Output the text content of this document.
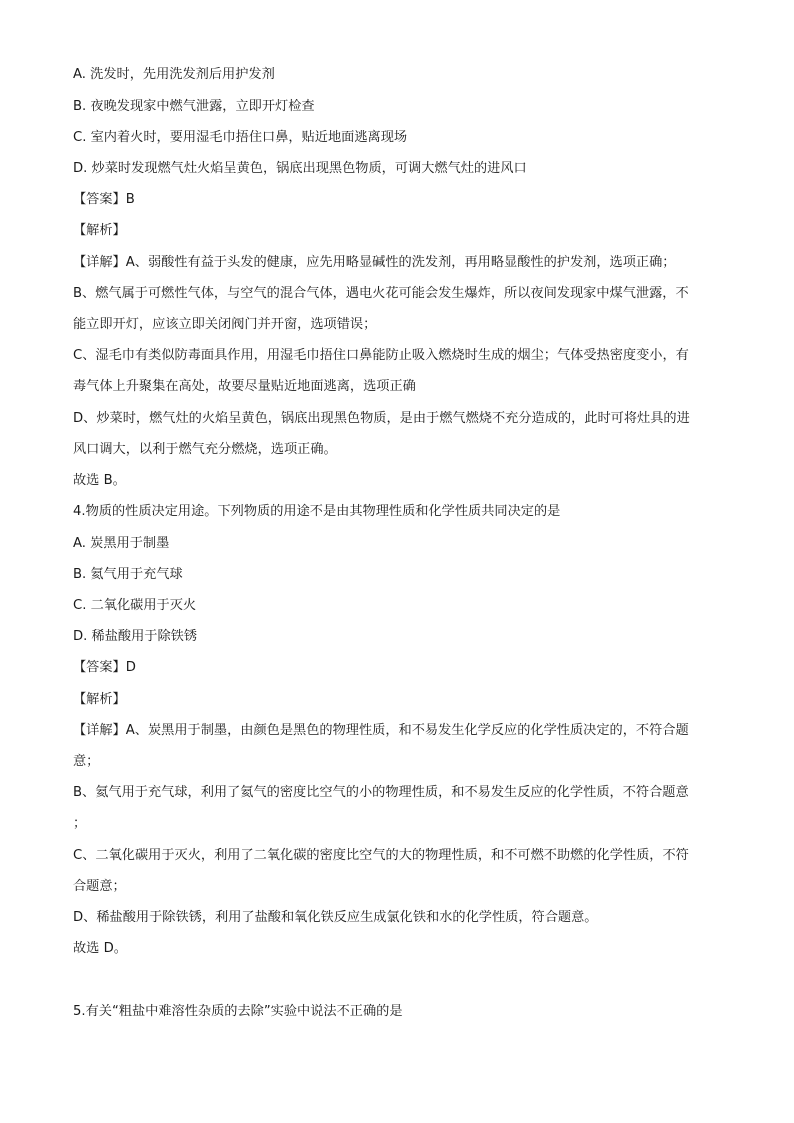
A. 洗发时，先用洗发剂后用护发剂
B. 夜晚发现家中燃气泄露，立即开灯检查
C. 室内着火时，要用湿毛巾捂住口鼻，贴近地面逃离现场
D. 炒菜时发现燃气灶火焰呈黄色，锅底出现黑色物质，可调大燃气灶的进风口
【答案】B
【解析】
【详解】A、弱酸性有益于头发的健康，应先用略显碱性的洗发剂，再用略显酸性的护发剂，选项正确；
B、燃气属于可燃性气体，与空气的混合气体，遇电火花可能会发生爆炸，所以夜间发现家中煤气泄露，不
能立即开灯，应该立即关闭阀门并开窗，选项错误；
C、湿毛巾有类似防毒面具作用，用湿毛巾捂住口鼻能防止吸入燃烧时生成的烟尘；气体受热密度变小，有
毒气体上升聚集在高处，故要尽量贴近地面逃离，选项正确
D、炒菜时，燃气灶的火焰呈黄色，锅底出现黑色物质，是由于燃气燃烧不充分造成的，此时可将灶具的进
风口调大，以利于燃气充分燃烧，选项正确。
故选 B。
4.物质的性质决定用途。下列物质的用途不是由其物理性质和化学性质共同决定的是
A. 炭黑用于制墨
B. 氦气用于充气球
C. 二氧化碳用于灭火
D. 稀盐酸用于除铁锈
【答案】D
【解析】
【详解】A、炭黑用于制墨，由颜色是黑色的物理性质，和不易发生化学反应的化学性质决定的，不符合题
意；
B、氦气用于充气球，利用了氦气的密度比空气的小的物理性质，和不易发生反应的化学性质，不符合题意
；
C、二氧化碳用于灭火，利用了二氧化碳的密度比空气的大的物理性质，和不可燃不助燃的化学性质，不符
合题意；
D、稀盐酸用于除铁锈，利用了盐酸和氧化铁反应生成氯化铁和水的化学性质，符合题意。
故选 D。
5.有关“粗盐中难溶性杂质的去除”实验中说法不正确的是
